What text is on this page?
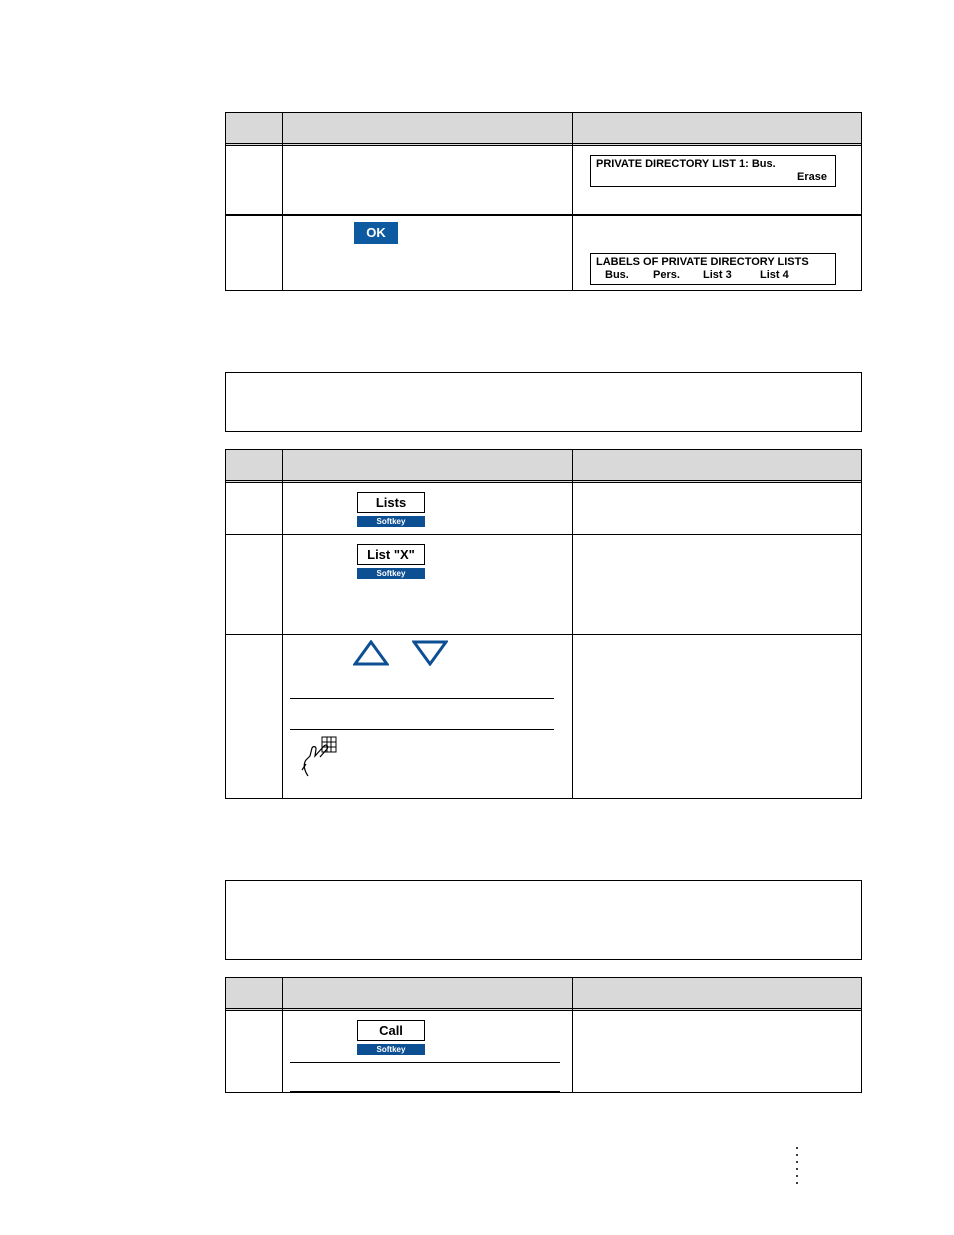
PRIVATE DIRECTORY LIST 1: Bus.
Erase
OK
LABELS OF PRIVATE DIRECTORY LISTS
Bus. Pers. List 3	List 4
Lists
Softkey
List "X"
Softkey
Call
Softkey
